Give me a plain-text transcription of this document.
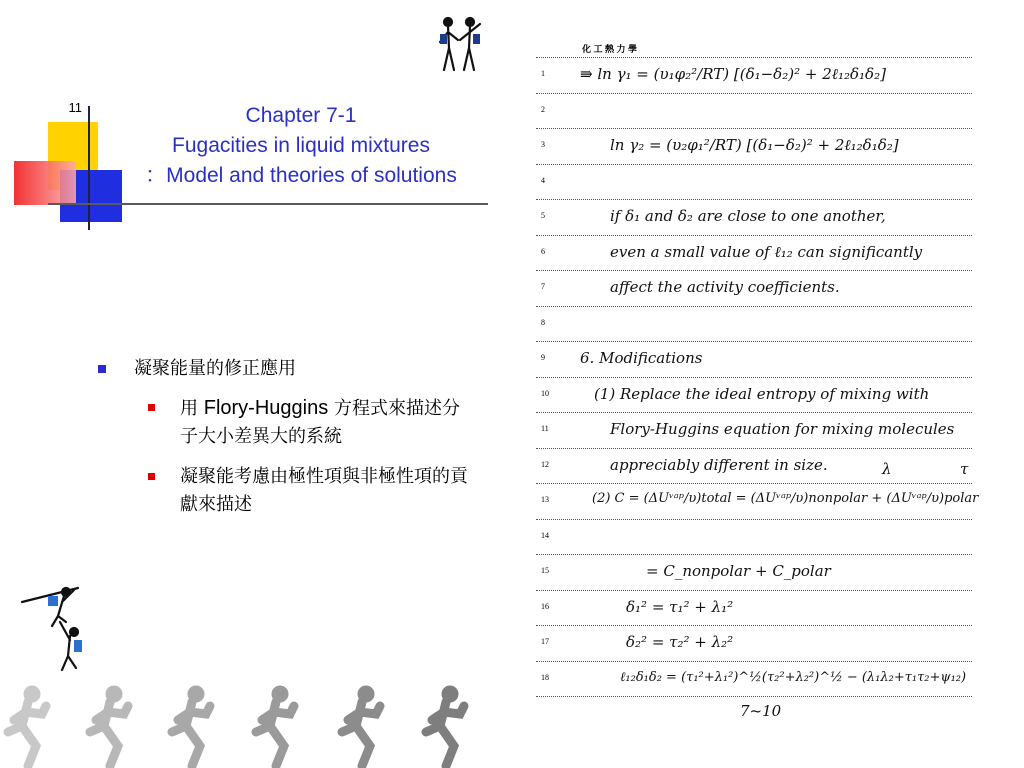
11	Chapter 7-1
Fugacities in liquid mixtures
：Model and theories of solutions
凝聚能量的修正應用
用 Flory-Huggins 方程式來描述分子大小差異大的系統
凝聚能考慮由極性項與非極性項的貢獻來描述
化 工 熱 力 學
1
2
3
4
5
6
7
8
9
10
11
12
13
14
15
16
17
18
⇛ ln γ₁ = (υ₁φ₂²/RT) [(δ₁−δ₂)² + 2ℓ₁₂δ₁δ₂]
ln γ₂ = (υ₂φ₁²/RT) [(δ₁−δ₂)² + 2ℓ₁₂δ₁δ₂]
if δ₁ and δ₂ are close to one another,
even a small value of ℓ₁₂ can significantly
affect the activity coefficients.
6. Modifications
(1) Replace the ideal entropy of mixing with
Flory-Huggins equation for mixing molecules
appreciably different in size.
(2) C = (ΔUᵛᵃᵖ/υ)total = (ΔUᵛᵃᵖ/υ)nonpolar + (ΔUᵛᵃᵖ/υ)polar
= C_nonpolar + C_polar
δ₁² = τ₁² + λ₁²
δ₂² = τ₂² + λ₂²
ℓ₁₂δ₁δ₂ = (τ₁²+λ₁²)^½(τ₂²+λ₂²)^½ − (λ₁λ₂+τ₁τ₂+ψ₁₂)
λ	τ
7~10
